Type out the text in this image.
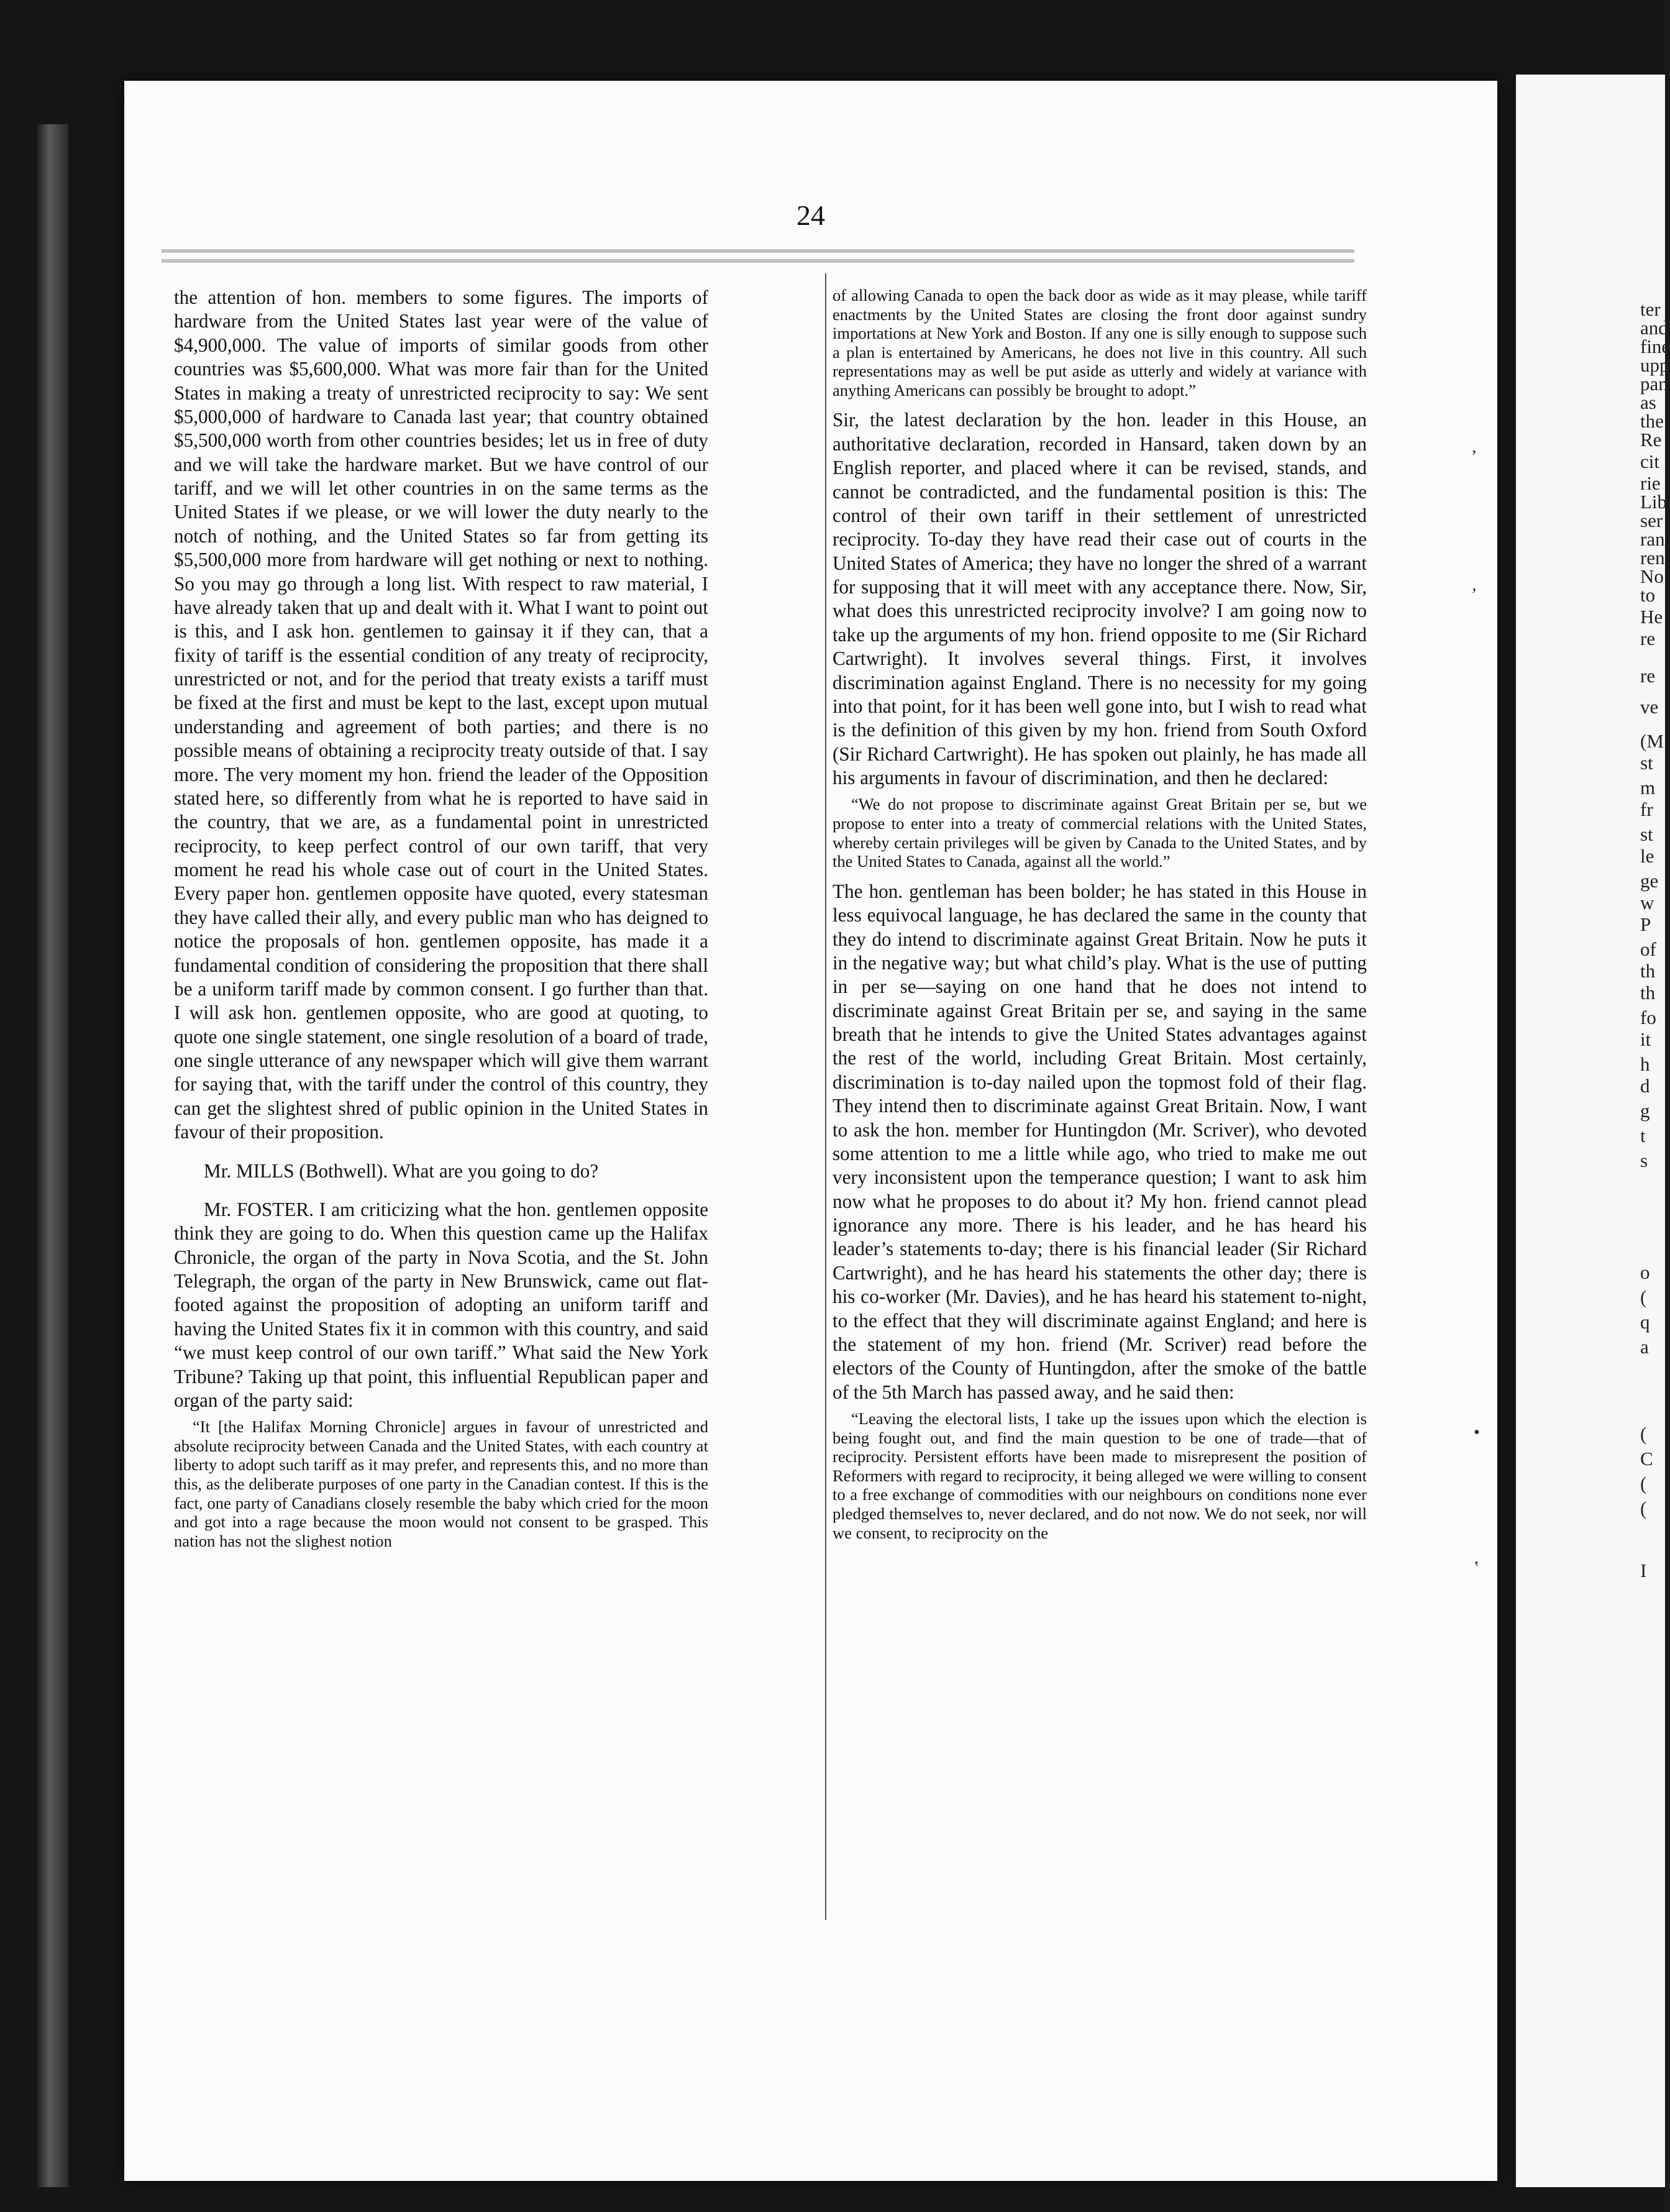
24

the attention of hon. members to some figures. The imports of hardware from the United States last year were of the value of $4,900,000. The value of imports of similar goods from other countries was $5,600,000. What was more fair than for the United States in making a treaty of unrestricted reciprocity to say: We sent $5,000,000 of hardware to Canada last year; that country obtained $5,500,000 worth from other countries besides; let us in free of duty and we will take the hardware market. But we have control of our tariff, and we will let other countries in on the same terms as the United States if we please, or we will lower the duty nearly to the notch of nothing, and the United States so far from getting its $5,500,000 more from hardware will get nothing or next to nothing. So you may go through a long list. With respect to raw material, I have already taken that up and dealt with it. What I want to point out is this, and I ask hon. gentlemen to gainsay it if they can, that a fixity of tariff is the essential condition of any treaty of reciprocity, unrestricted or not, and for the period that treaty exists a tariff must be fixed at the first and must be kept to the last, except upon mutual understanding and agreement of both parties; and there is no possible means of obtaining a reciprocity treaty outside of that. I say more. The very moment my hon. friend the leader of the Opposition stated here, so differently from what he is reported to have said in the country, that we are, as a fundamental point in unrestricted reciprocity, to keep perfect control of our own tariff, that very moment he read his whole case out of court in the United States. Every paper hon. gentlemen opposite have quoted, every statesman they have called their ally, and every public man who has deigned to notice the proposals of hon. gentlemen opposite, has made it a fundamental condition of considering the proposition that there shall be a uniform tariff made by common consent. I go further than that. I will ask hon. gentlemen opposite, who are good at quoting, to quote one single statement, one single resolution of a board of trade, one single utterance of any newspaper which will give them warrant for saying that, with the tariff under the control of this country, they can get the slightest shred of public opinion in the United States in favour of their proposition.

Mr. MILLS (Bothwell). What are you going to do?

Mr. FOSTER. I am criticizing what the hon. gentlemen opposite think they are going to do. When this question came up the Halifax Chronicle, the organ of the party in Nova Scotia, and the St. John Telegraph, the organ of the party in New Brunswick, came out flat-footed against the proposition of adopting an uniform tariff and having the United States fix it in common with this country, and said “we must keep control of our own tariff.” What said the New York Tribune? Taking up that point, this influential Republican paper and organ of the party said:

“It [the Halifax Morning Chronicle] argues in favour of unrestricted and absolute reciprocity between Canada and the United States, with each country at liberty to adopt such tariff as it may prefer, and represents this, and no more than this, as the deliberate purposes of one party in the Canadian contest. If this is the fact, one party of Canadians closely resemble the baby which cried for the moon and got into a rage because the moon would not consent to be grasped. This nation has not the slighest notion
of allowing Canada to open the back door as wide as it may please, while tariff enactments by the United States are closing the front door against sundry importations at New York and Boston. If any one is silly enough to suppose such a plan is entertained by Americans, he does not live in this country. All such representations may as well be put aside as utterly and widely at variance with anything Americans can possibly be brought to adopt.”

Sir, the latest declaration by the hon. leader in this House, an authoritative declaration, recorded in Hansard, taken down by an English reporter, and placed where it can be revised, stands, and cannot be contradicted, and the fundamental position is this: The control of their own tariff in their settlement of unrestricted reciprocity. To-day they have read their case out of courts in the United States of America; they have no longer the shred of a warrant for supposing that it will meet with any acceptance there. Now, Sir, what does this unrestricted reciprocity involve? I am going now to take up the arguments of my hon. friend opposite to me (Sir Richard Cartwright). It involves several things. First, it involves discrimination against England. There is no necessity for my going into that point, for it has been well gone into, but I wish to read what is the definition of this given by my hon. friend from South Oxford (Sir Richard Cartwright). He has spoken out plainly, he has made all his arguments in favour of discrimination, and then he declared:

“We do not propose to discriminate against Great Britain per se, but we propose to enter into a treaty of commercial relations with the United States, whereby certain privileges will be given by Canada to the United States, and by the United States to Canada, against all the world.”

The hon. gentleman has been bolder; he has stated in this House in less equivocal language, he has declared the same in the county that they do intend to discriminate against Great Britain. Now he puts it in the negative way; but what child’s play. What is the use of putting in per se—saying on one hand that he does not intend to discriminate against Great Britain per se, and saying in the same breath that he intends to give the United States advantages against the rest of the world, including Great Britain. Most certainly, discrimination is to-day nailed upon the topmost fold of their flag. They intend then to discriminate against Great Britain. Now, I want to ask the hon. member for Huntingdon (Mr. Scriver), who devoted some attention to me a little while ago, who tried to make me out very inconsistent upon the temperance question; I want to ask him now what he proposes to do about it? My hon. friend cannot plead ignorance any more. There is his leader, and he has heard his leader’s statements to-day; there is his financial leader (Sir Richard Cartwright), and he has heard his statements the other day; there is his co-worker (Mr. Davies), and he has heard his statement to-night, to the effect that they will discriminate against England; and here is the statement of my hon. friend (Mr. Scriver) read before the electors of the County of Huntingdon, after the smoke of the battle of the 5th March has passed away, and he said then:

“Leaving the electoral lists, I take up the issues upon which the election is being fought out, and find the main question to be one of trade—that of reciprocity. Persistent efforts have been made to misrepresent the position of Reformers with regard to reciprocity, it being alleged we were willing to consent to a free exchange of commodities with our neighbours on conditions none ever pledged themselves to, never declared, and do not now. We do not seek, nor will we consent, to reciprocity on the
ʼ
ʼ
•
ʽ
ter
and
fine
upp
pan
as
the
Re
cit
rie
Lib
ser
ran
ren
No
to
He
re
re
ve
(M
st
m
fr
st
le
ge
w
P
of
th
th
fo
it
h
d
g
t
s
o
(
q
a
(
C
(
(
I
